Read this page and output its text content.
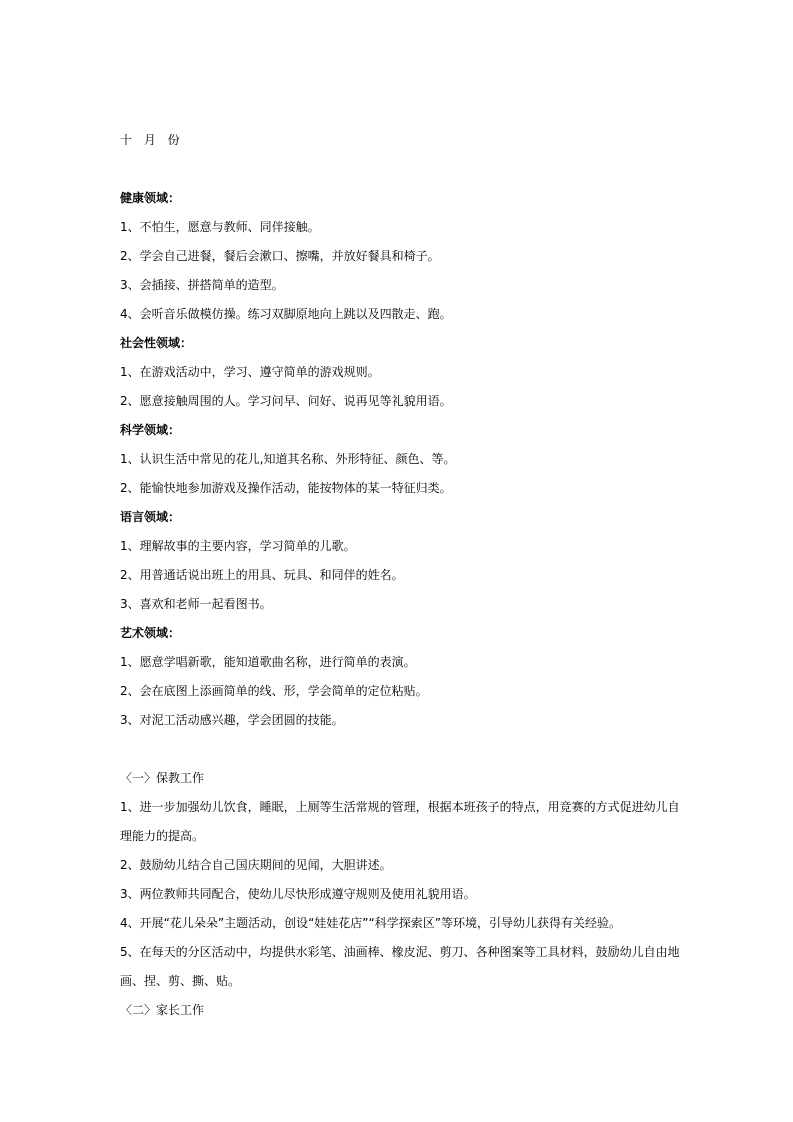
十 月 份
健康领域：
1、不怕生，愿意与教师、同伴接触。
2、学会自己进餐，餐后会漱口、擦嘴，并放好餐具和椅子。
3、会插接、拼搭简单的造型。
4、会听音乐做模仿操。练习双脚原地向上跳以及四散走、跑。
社会性领域：
1、在游戏活动中，学习、遵守简单的游戏规则。
2、愿意接触周围的人。学习问早、问好、说再见等礼貌用语。
科学领域：
1、认识生活中常见的花儿,知道其名称、外形特征、颜色、等。
2、能愉快地参加游戏及操作活动，能按物体的某一特征归类。
语言领域：
1、理解故事的主要内容，学习简单的儿歌。
2、用普通话说出班上的用具、玩具、和同伴的姓名。
3、喜欢和老师一起看图书。
艺术领域：
1、愿意学唱新歌，能知道歌曲名称，进行简单的表演。
2、会在底图上添画简单的线、形，学会简单的定位粘贴。
3、对泥工活动感兴趣，学会团圆的技能。
〈一〉保教工作
1、进一步加强幼儿饮食，睡眠，上厕等生活常规的管理，根据本班孩子的特点，用竞赛的方式促进幼儿自
理能力的提高。
2、鼓励幼儿结合自己国庆期间的见闻，大胆讲述。
3、两位教师共同配合，使幼儿尽快形成遵守规则及使用礼貌用语。
4、开展“花儿朵朵”主题活动，创设“娃娃花店”“科学探索区”等环境，引导幼儿获得有关经验。
5、在每天的分区活动中，均提供水彩笔、油画棒、橡皮泥、剪刀、各种图案等工具材料，鼓励幼儿自由地
画、捏、剪、撕、贴。
〈二〉家长工作
